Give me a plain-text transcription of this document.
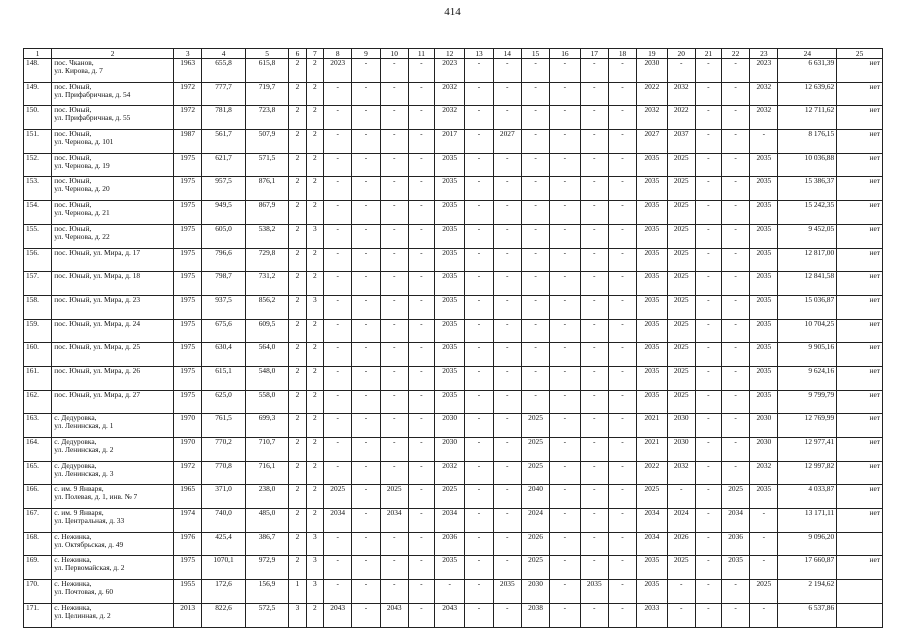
414
1	2	3	4	5	6	7	8	9	10	11	12	13	14	15	16	17	18	19	20	21	22	23	24	25
148.	пос. Чканов,
ул. Кирова, д. 7	1963	655,8	615,8	2	2	2023	-	-	-	2023	-	-	-	-	-	-	2030	-	-	-	2023	6 631,39	нет
149.	пос. Юный,
ул. Прифабричная, д. 54	1972	777,7	719,7	2	2	-	-	-	-	2032	-	-	-	-	-	-	2022	2032	-	-	2032	12 639,62	нет
150.	пос. Юный,
ул. Прифабричная, д. 55	1972	781,8	723,8	2	2	-	-	-	-	2032	-	-	-	-	-	-	2032	2022	-	-	2032	12 711,62	нет
151.	пос. Юный,
ул. Чернова, д. 101	1987	561,7	507,9	2	2	-	-	-	-	2017	-	2027	-	-	-	-	2027	2037	-	-	-	8 176,15	нет
152.	пос. Юный,
ул. Чернова, д. 19	1975	621,7	571,5	2	2	-	-	-	-	2035	-	-	-	-	-	-	2035	2025	-	-	2035	10 036,88	нет
153.	пос. Юный,
ул. Чернова, д. 20	1975	957,5	876,1	2	2	-	-	-	-	2035	-	-	-	-	-	-	2035	2025	-	-	2035	15 386,37	нет
154.	пос. Юный,
ул. Чернова, д. 21	1975	949,5	867,9	2	2	-	-	-	-	2035	-	-	-	-	-	-	2035	2025	-	-	2035	15 242,35	нет
155.	пос. Юный,
ул. Чернова, д. 22	1975	605,0	538,2	2	3	-	-	-	-	2035	-	-	-	-	-	-	2035	2025	-	-	2035	9 452,05	нет
156.	пос. Юный, ул. Мира, д. 17	1975	796,6	729,8	2	2	-	-	-	-	2035	-	-	-	-	-	-	2035	2025	-	-	2035	12 817,00	нет
157.	пос. Юный, ул. Мира, д. 18	1975	798,7	731,2	2	2	-	-	-	-	2035	-	-	-	-	-	-	2035	2025	-	-	2035	12 841,58	нет
158.	пос. Юный, ул. Мира, д. 23	1975	937,5	856,2	2	3	-	-	-	-	2035	-	-	-	-	-	-	2035	2025	-	-	2035	15 036,87	нет
159.	пос. Юный, ул. Мира, д. 24	1975	675,6	609,5	2	2	-	-	-	-	2035	-	-	-	-	-	-	2035	2025	-	-	2035	10 704,25	нет
160.	пос. Юный, ул. Мира, д. 25	1975	630,4	564,0	2	2	-	-	-	-	2035	-	-	-	-	-	-	2035	2025	-	-	2035	9 905,16	нет
161.	пос. Юный, ул. Мира, д. 26	1975	615,1	548,0	2	2	-	-	-	-	2035	-	-	-	-	-	-	2035	2025	-	-	2035	9 624,16	нет
162.	пос. Юный, ул. Мира, д. 27	1975	625,0	558,0	2	2	-	-	-	-	2035	-	-	-	-	-	-	2035	2025	-	-	2035	9 799,79	нет
163.	с. Дедуровка,
ул. Ленинская, д. 1	1970	761,5	699,3	2	2	-	-	-	-	2030	-	-	2025	-	-	-	2021	2030	-	-	2030	12 769,99	нет
164.	с. Дедуровка,
ул. Ленинская, д. 2	1970	770,2	710,7	2	2	-	-	-	-	2030	-	-	2025	-	-	-	2021	2030	-	-	2030	12 977,41	нет
165.	с. Дедуровка,
ул. Ленинская, д. 3	1972	770,8	716,1	2	2	-	-	-	-	2032	-	-	2025	-	-	-	2022	2032	-	-	2032	12 997,82	нет
166.	с. им. 9 Января,
ул. Полевая, д. 1, инв. № 7	1965	371,0	238,0	2	2	2025	-	2025	-	2025	-	-	2040	-	-	-	2025	-	-	2025	2035	4 033,87	нет
167.	с. им. 9 Января,
ул. Центральная, д. 33	1974	740,0	485,0	2	2	2034	-	2034	-	2034	-	-	2024	-	-	-	2034	2024	-	2034	-	13 171,11	нет
168.	с. Нежинка,
ул. Октябрьская, д. 49	1976	425,4	386,7	2	3	-	-	-	-	2036	-	-	2026	-	-	-	2034	2026	-	2036	-	9 096,20	
169.	с. Нежинка,
ул. Первомайская, д. 2	1975	1070,1	972,9	2	3	-	-	-	-	2035	-	-	2025	-	-	-	2035	2025	-	2035	-	17 660,87	нет
170.	с. Нежинка,
ул. Почтовая, д. 60	1955	172,6	156,9	1	3	-	-	-	-	-	-	2035	2030	-	2035	-	2035	-	-	-	2025	2 194,62	
171.	с. Нежинка,
ул. Целинная, д. 2	2013	822,6	572,5	3	2	2043	-	2043	-	2043	-	-	2038	-	-	-	2033	-	-	-	-	6 537,86	
